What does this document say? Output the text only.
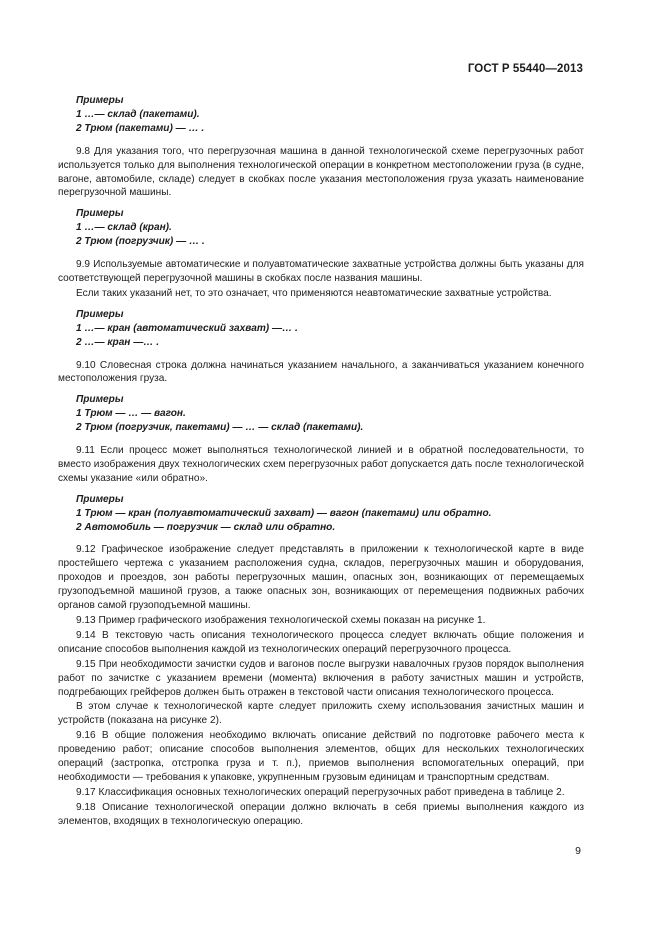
ГОСТ Р 55440—2013
Примеры
1 …— склад (пакетами).
2 Трюм (пакетами) — … .
9.8 Для указания того, что перегрузочная машина в данной технологической схеме перегрузочных работ используется только для выполнения технологической операции в конкретном местоположении груза (в судне, вагоне, автомобиле, складе) следует в скобках после указания местоположения груза указать наименование перегрузочной машины.
Примеры
1 …— склад (кран).
2 Трюм (погрузчик) — … .
9.9 Используемые автоматические и полуавтоматические захватные устройства должны быть указаны для соответствующей перегрузочной машины в скобках после названия машины.
Если таких указаний нет, то это означает, что применяются неавтоматические захватные устройства.
Примеры
1 …— кран (автоматический захват) —… .
2 …— кран —… .
9.10 Словесная строка должна начинаться указанием начального, а заканчиваться указанием конечного местоположения груза.
Примеры
1 Трюм — … — вагон.
2 Трюм (погрузчик, пакетами) — … — склад (пакетами).
9.11 Если процесс может выполняться технологической линией и в обратной последовательности, то вместо изображения двух технологических схем перегрузочных работ допускается дать после технологической схемы указание «или обратно».
Примеры
1 Трюм — кран (полуавтоматический захват) — вагон (пакетами) или обратно.
2 Автомобиль — погрузчик — склад или обратно.
9.12 Графическое изображение следует представлять в приложении к технологической карте в виде простейшего чертежа с указанием расположения судна, складов, перегрузочных машин и оборудования, проходов и проездов, зон работы перегрузочных машин, опасных зон, возникающих от перемещаемых грузоподъемной машиной грузов, а также опасных зон, возникающих от перемещения подвижных рабочих органов самой грузоподъемной машины.
9.13 Пример графического изображения технологической схемы показан на рисунке 1.
9.14 В текстовую часть описания технологического процесса следует включать общие положения и описание способов выполнения каждой из технологических операций перегрузочного процесса.
9.15 При необходимости зачистки судов и вагонов после выгрузки навалочных грузов порядок выполнения работ по зачистке с указанием времени (момента) включения в работу зачистных машин и устройств, подгребающих грейферов должен быть отражен в текстовой части описания технологического процесса.
В этом случае к технологической карте следует приложить схему использования зачистных машин и устройств (показана на рисунке 2).
9.16 В общие положения необходимо включать описание действий по подготовке рабочего места к проведению работ; описание способов выполнения элементов, общих для нескольких технологических операций (застропка, отстропка груза и т. п.), приемов выполнения вспомогательных операций, при необходимости — требования к упаковке, укрупненным грузовым единицам и транспортным средствам.
9.17 Классификация основных технологических операций перегрузочных работ приведена в таблице 2.
9.18 Описание технологической операции должно включать в себя приемы выполнения каждого из элементов, входящих в технологическую операцию.
9
